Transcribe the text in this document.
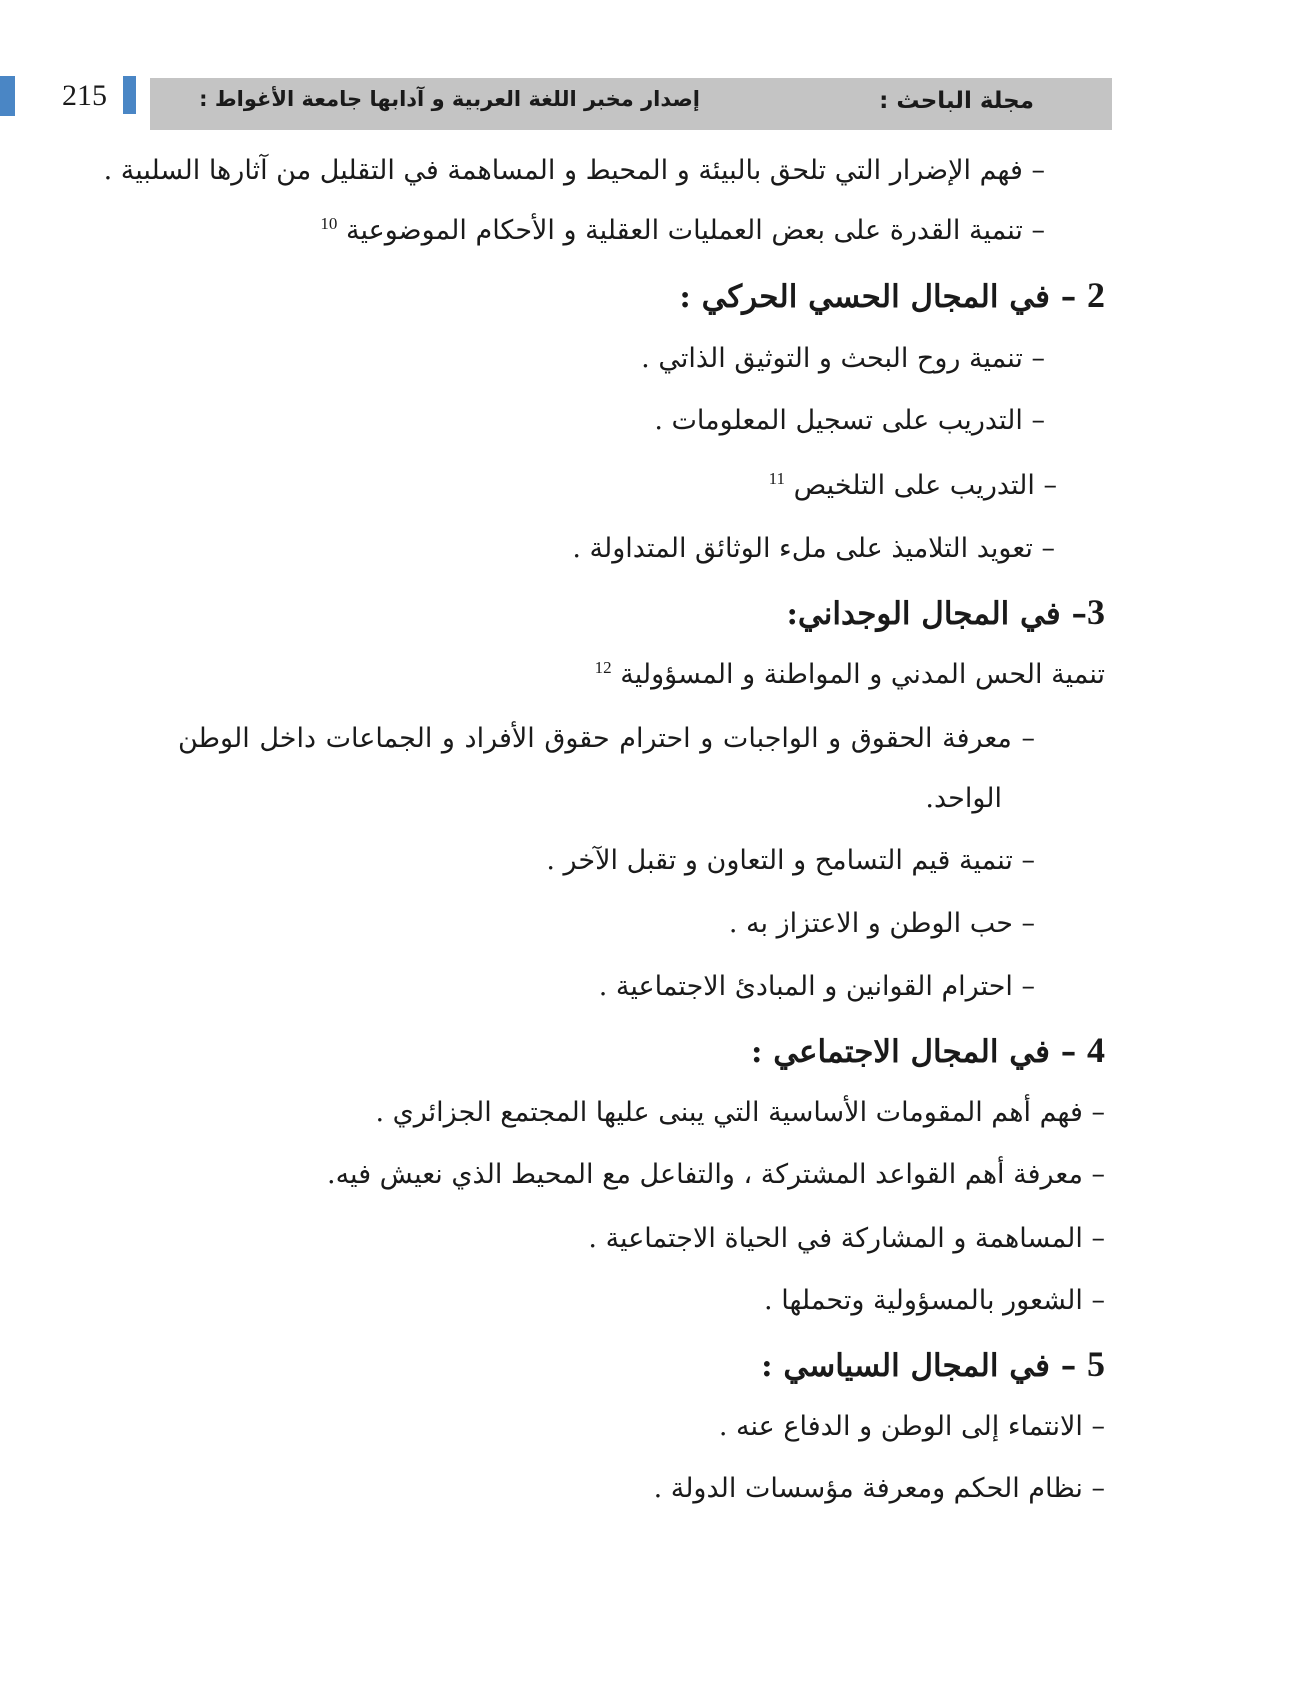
215	مجلة الباحث :
إصدار مخبر اللغة العربية و آدابها جامعة الأغواط :
– فهم الإضرار التي تلحق بالبيئة و المحيط و المساهمة في التقليل من آثارها السلبية .
– تنمية القدرة على بعض العمليات العقلية و الأحكام الموضوعية $^{10}$
2 – في المجال الحسي الحركي :
– تنمية روح البحث و التوثيق الذاتي .
– التدريب على تسجيل المعلومات .
– التدريب على التلخيص $^{11}$
– تعويد التلاميذ على ملء الوثائق المتداولة .
3– في المجال الوجداني:
تنمية الحس المدني و المواطنة و المسؤولية $^{12}$
– معرفة الحقوق و الواجبات و احترام حقوق الأفراد و الجماعات داخل الوطن
الواحد.
– تنمية قيم التسامح و التعاون و تقبل الآخر .
– حب الوطن و الاعتزاز به .
– احترام القوانين و المبادئ الاجتماعية .
4 – في المجال الاجتماعي :
– فهم أهم المقومات الأساسية التي يبنى عليها المجتمع الجزائري .
– معرفة أهم القواعد المشتركة ، والتفاعل مع المحيط الذي نعيش فيه.
– المساهمة و المشاركة في الحياة الاجتماعية .
– الشعور بالمسؤولية وتحملها .
5 – في المجال السياسي :
– الانتماء إلى الوطن و الدفاع عنه .
– نظام الحكم ومعرفة مؤسسات الدولة .
